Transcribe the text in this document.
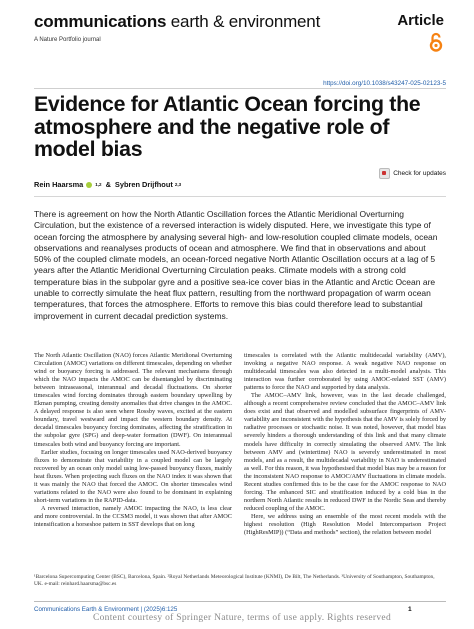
communications earth & environment
A Nature Portfolio journal
Article
https://doi.org/10.1038/s43247-025-02123-5
Evidence for Atlantic Ocean forcing the atmosphere and the negative role of model bias
Check for updates
Rein Haarsma	1,2 & Sybren Drijfhout 2,3
There is agreement on how the North Atlantic Oscillation forces the Atlantic Meridional Overturning Circulation, but the existence of a reversed interaction is widely disputed. Here, we investigate this type of ocean forcing the atmosphere by analysing several high- and low-resolution coupled climate models, ocean observations and reanalyses products of ocean and atmosphere. We find that in observations and about 50% of the coupled climate models, an ocean-forced negative North Atlantic Oscillation occurs at a lag of 5 years after the Atlantic Meridional Overturning Circulation peaks. Climate models with a strong cold temperature bias in the subpolar gyre and a positive sea-ice cover bias in the Atlantic and Arctic Ocean are unable to correctly simulate the heat flux pattern, resulting from the northward propagation of warm ocean temperatures, that forces the atmosphere. Efforts to remove this bias could therefore lead to substantial improvement in current decadal prediction systems.

The North Atlantic Oscillation (NAO) forces Atlantic Meridional Overturning Circulation (AMOC) variations on different timescales, depending on whether wind or buoyancy forcing is addressed. The relevant mechanisms through which the NAO impacts the AMOC can be disentangled by discriminating between intraseasonal, interannual and decadal fluctuations. On shorter timescales wind forcing dominates through eastern boundary upwelling by Ekman pumping, creating density anomalies that drive changes in the AMOC. A delayed response is also seen where Rossby waves, excited at the eastern boundary, travel westward and impact the western boundary density. At decadal timescales buoyancy forcing dominates, affecting the stratification in the subpolar gyre (SPG) and deep-water formation (DWF). On interannual timescales both wind and buoyancy forcing are important.

Earlier studies, focusing on longer timescales used NAO-derived buoyancy fluxes to demonstrate that variability in a coupled model can be largely recovered by an ocean only model using low-passed buoyancy fluxes, mainly heat fluxes. When projecting such fluxes on the NAO index it was shown that it was mainly the NAO that forced the AMOC. On shorter timescales wind variations related to the NAO were also found to be dominant in explaining short-term variations in the RAPID-data.

A reversed interaction, namely AMOC impacting the NAO, is less clear and more controversial. In the CCSM3 model, it was shown that after AMOC intensification a horseshoe pattern in SST develops that on long

timescales is correlated with the Atlantic multidecadal variability (AMV), invoking a negative NAO response. A weak negative NAO response on multidecadal timescales was also detected in a multi-model analysis. This interaction was further corroborated by using AMOC-related SST (AMV) patterns to force the NAO and supported by data analysis.

The AMOC–AMV link, however, was in the last decade challenged, although a recent comprehensive review concluded that the AMOC–AMV link does exist and that observed and modelled subsurface fingerprints of AMV-variability are inconsistent with the hypothesis that the AMV is solely forced by radiative processes or stochastic noise. It was noted, however, that model bias severely hinders a thorough understanding of this link and that many climate models have difficulty in correctly simulating the observed AMV. The link between AMV and (wintertime) NAO is severely underestimated in most models, and as a result, the multidecadal variability in NAO is underestimated as well. For this reason, it was hypothesised that model bias may be a reason for the inconsistent NAO response to AMOC/AMV fluctuations in climate models. Recent studies confirmed this to be the case for the AMOC response to NAO forcing. The enhanced SIC and stratification induced by a cold bias in the northern North Atlantic results in reduced DWF in the Nordic Seas and thereby reduced coupling of the AMOC.

Here, we address using an ensemble of the most recent models with the highest resolution (High Resolution Model Intercomparison Project (HighResMIP)) (“Data and methods” section), the relation between model

¹Barcelona Supercomputing Center (BSC), Barcelona, Spain. ²Royal Netherlands Meteorological Institute (KNMI), De Bilt, The Netherlands. ³University of Southampton, Southampton, UK. e-mail: reinhard.haarsma@bsc.es
Communications Earth & Environment | (2025)6:125	1
Content courtesy of Springer Nature, terms of use apply. Rights reserved
